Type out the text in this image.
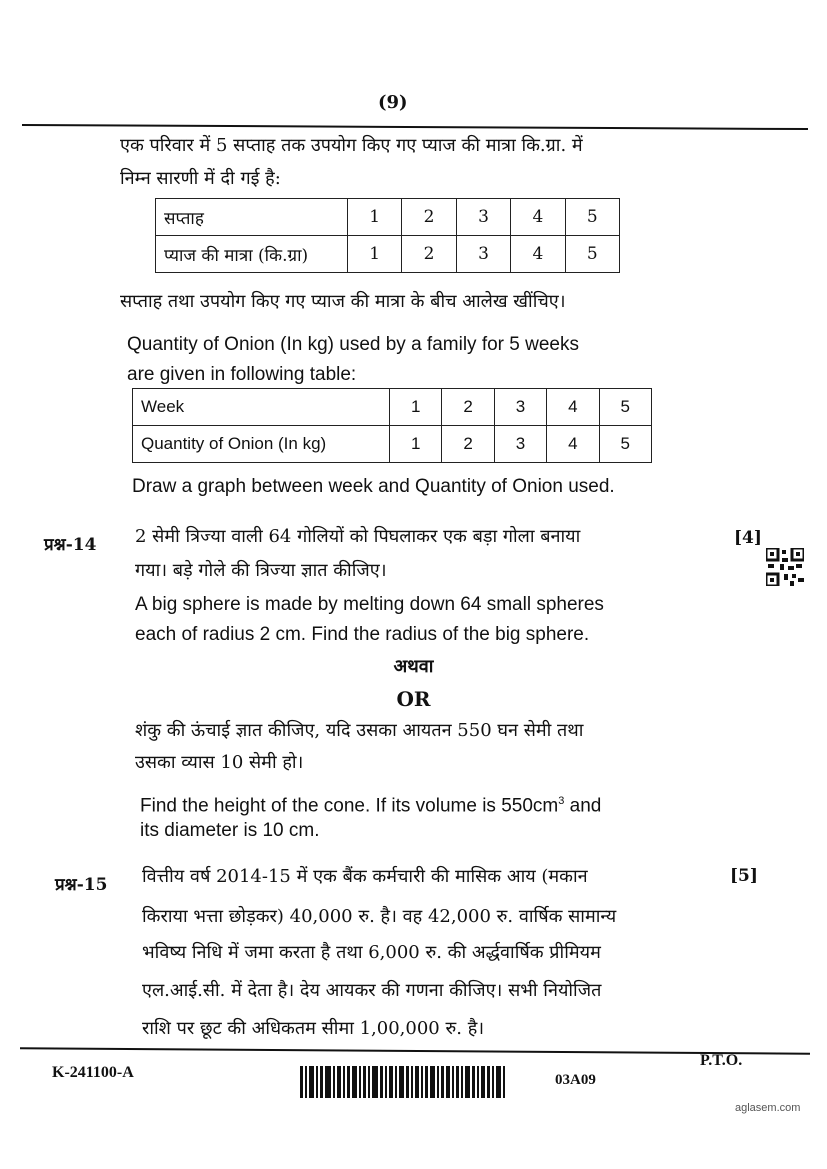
(9)
एक परिवार में 5 सप्ताह तक उपयोग किए गए प्याज की मात्रा कि.ग्रा. में
निम्न सारणी में दी गई है:
सप्ताह	1	2	3	4	5
प्याज की मात्रा (कि.ग्रा)	1	2	3	4	5
सप्ताह तथा उपयोग किए गए प्याज की मात्रा के बीच आलेख खींचिए।
Quantity of Onion (In kg) used by a family for 5 weeks
are given in following table:
Week	1	2	3	4	5
Quantity of Onion (In kg)	1	2	3	4	5
Draw a graph between week and Quantity of Onion used.
प्रश्न-14	[4]
2 सेमी त्रिज्या वाली 64 गोलियों को पिघलाकर एक बड़ा गोला बनाया
गया। बड़े गोले की त्रिज्या ज्ञात कीजिए।
A big sphere is made by melting down 64 small spheres
each of radius 2 cm. Find the radius of the big sphere.
अथवा
OR
शंकु की ऊंचाई ज्ञात कीजिए, यदि उसका आयतन 550 घन सेमी तथा
उसका व्यास 10 सेमी हो।
Find the height of the cone. If its volume is $550cm^3$ and
its diameter is 10 cm.
प्रश्न-15	[5]
वित्तीय वर्ष 2014-15 में एक बैंक कर्मचारी की मासिक आय (मकान
किराया भत्ता छोड़कर) 40,000 रु. है। वह 42,000 रु. वार्षिक सामान्य
भविष्य निधि में जमा करता है तथा 6,000 रु. की अर्द्धवार्षिक प्रीमियम
एल.आई.सी. में देता है। देय आयकर की गणना कीजिए। सभी नियोजित
राशि पर छूट की अधिकतम सीमा 1,00,000 रु. है।
K-241100-A
P.T.O.
03A09
aglasem.com
